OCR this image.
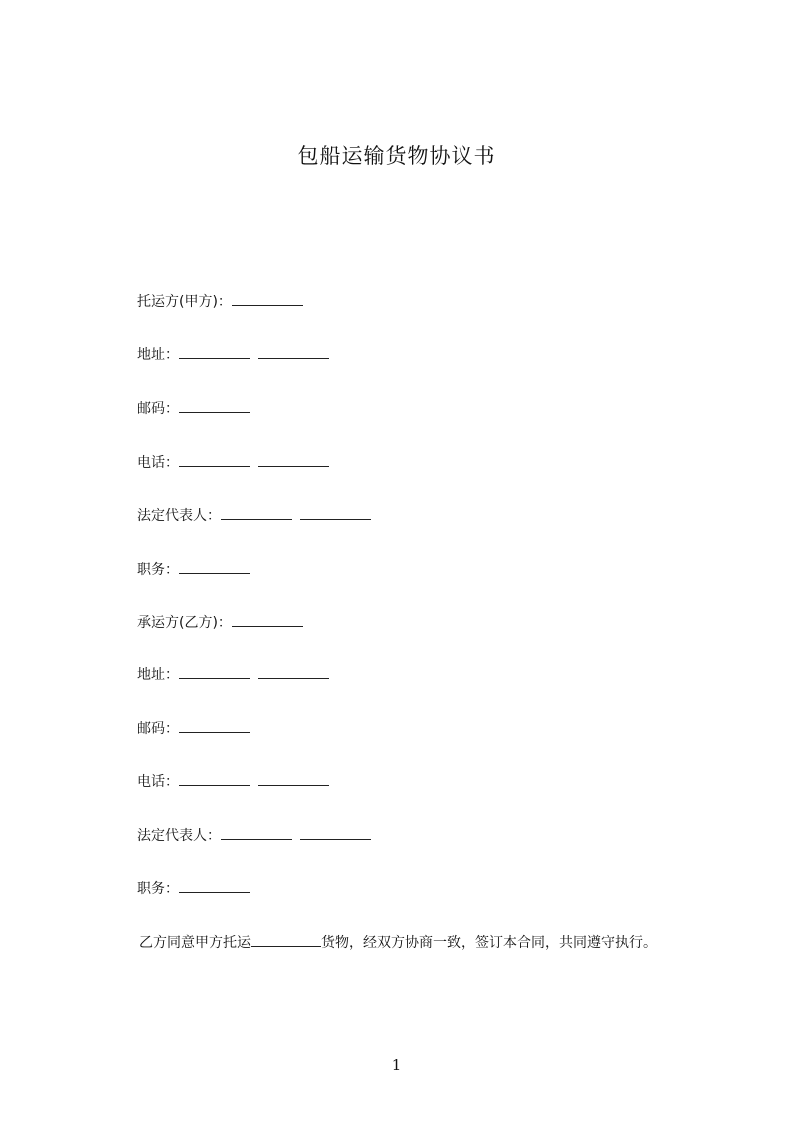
包船运输货物协议书
托运方(甲方)：
地址：
邮码：
电话：
法定代表人：
职务：
承运方(乙方)：
地址：
邮码：
电话：
法定代表人：
职务：
乙方同意甲方托运	货物，经双方协商一致，签订本合同，共同遵守执行。
1
